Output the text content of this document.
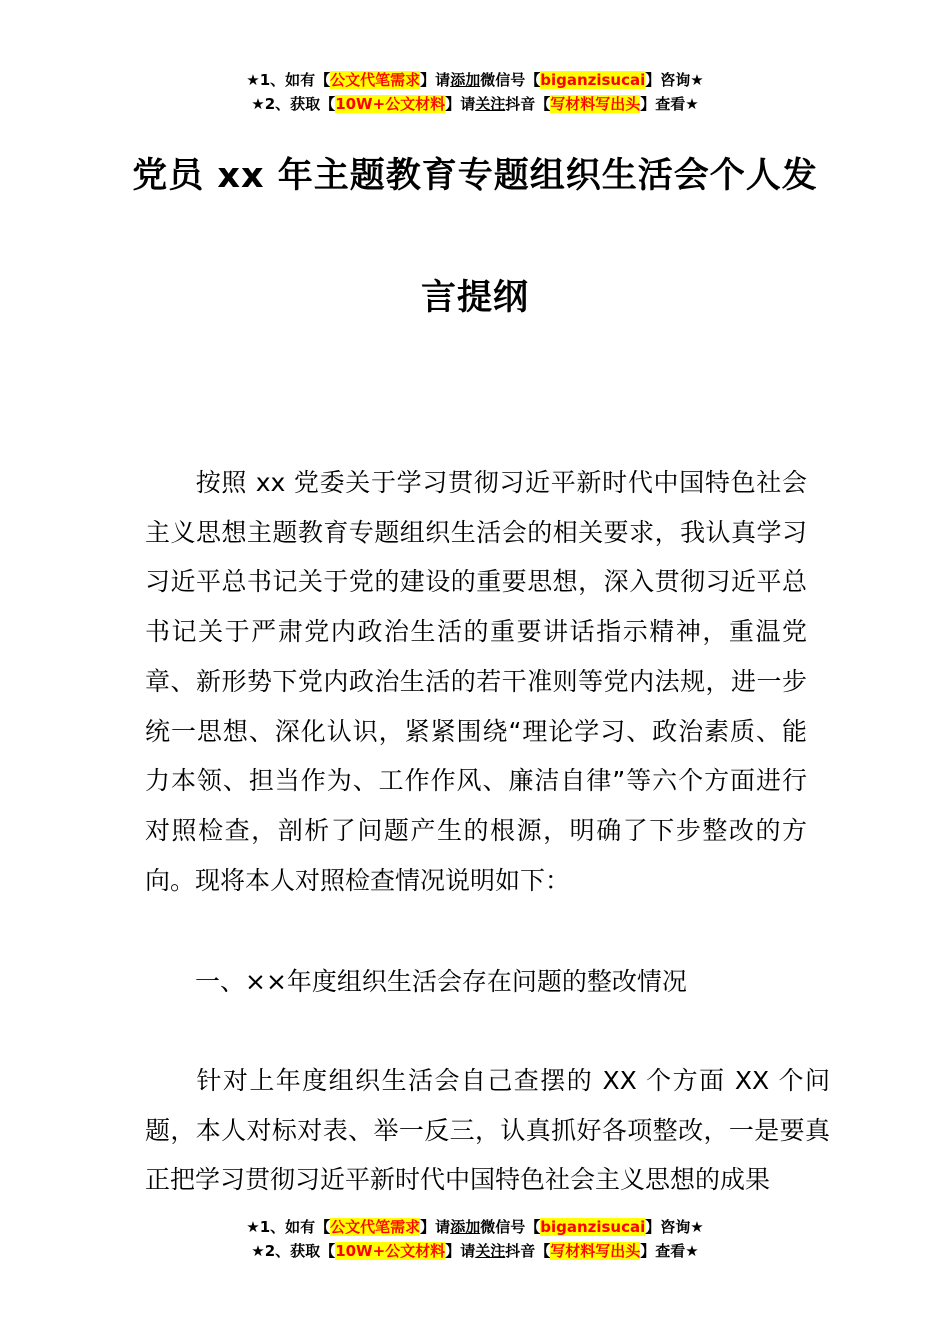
★1、如有【公文代笔需求】请添加微信号【biganzisucai】咨询★
★2、获取【10W+公文材料】请关注抖音【写材料写出头】查看★
党员 xx 年主题教育专题组织生活会个人发
言提纲

按照 xx 党委关于学习贯彻习近平新时代中国特色社会主义思想主题教育专题组织生活会的相关要求，我认真学习习近平总书记关于党的建设的重要思想，深入贯彻习近平总书记关于严肃党内政治生活的重要讲话指示精神，重温党章、新形势下党内政治生活的若干准则等党内法规，进一步统一思想、深化认识，紧紧围绕“理论学习、政治素质、能力本领、担当作为、工作作风、廉洁自律”等六个方面进行对照检查，剖析了问题产生的根源，明确了下步整改的方向。现将本人对照检查情况说明如下：

一、××年度组织生活会存在问题的整改情况

针对上年度组织生活会自己查摆的 XX 个方面 XX 个问题，本人对标对表、举一反三，认真抓好各项整改，一是要真正把学习贯彻习近平新时代中国特色社会主义思想的成果

★1、如有【公文代笔需求】请添加微信号【biganzisucai】咨询★
★2、获取【10W+公文材料】请关注抖音【写材料写出头】查看★
